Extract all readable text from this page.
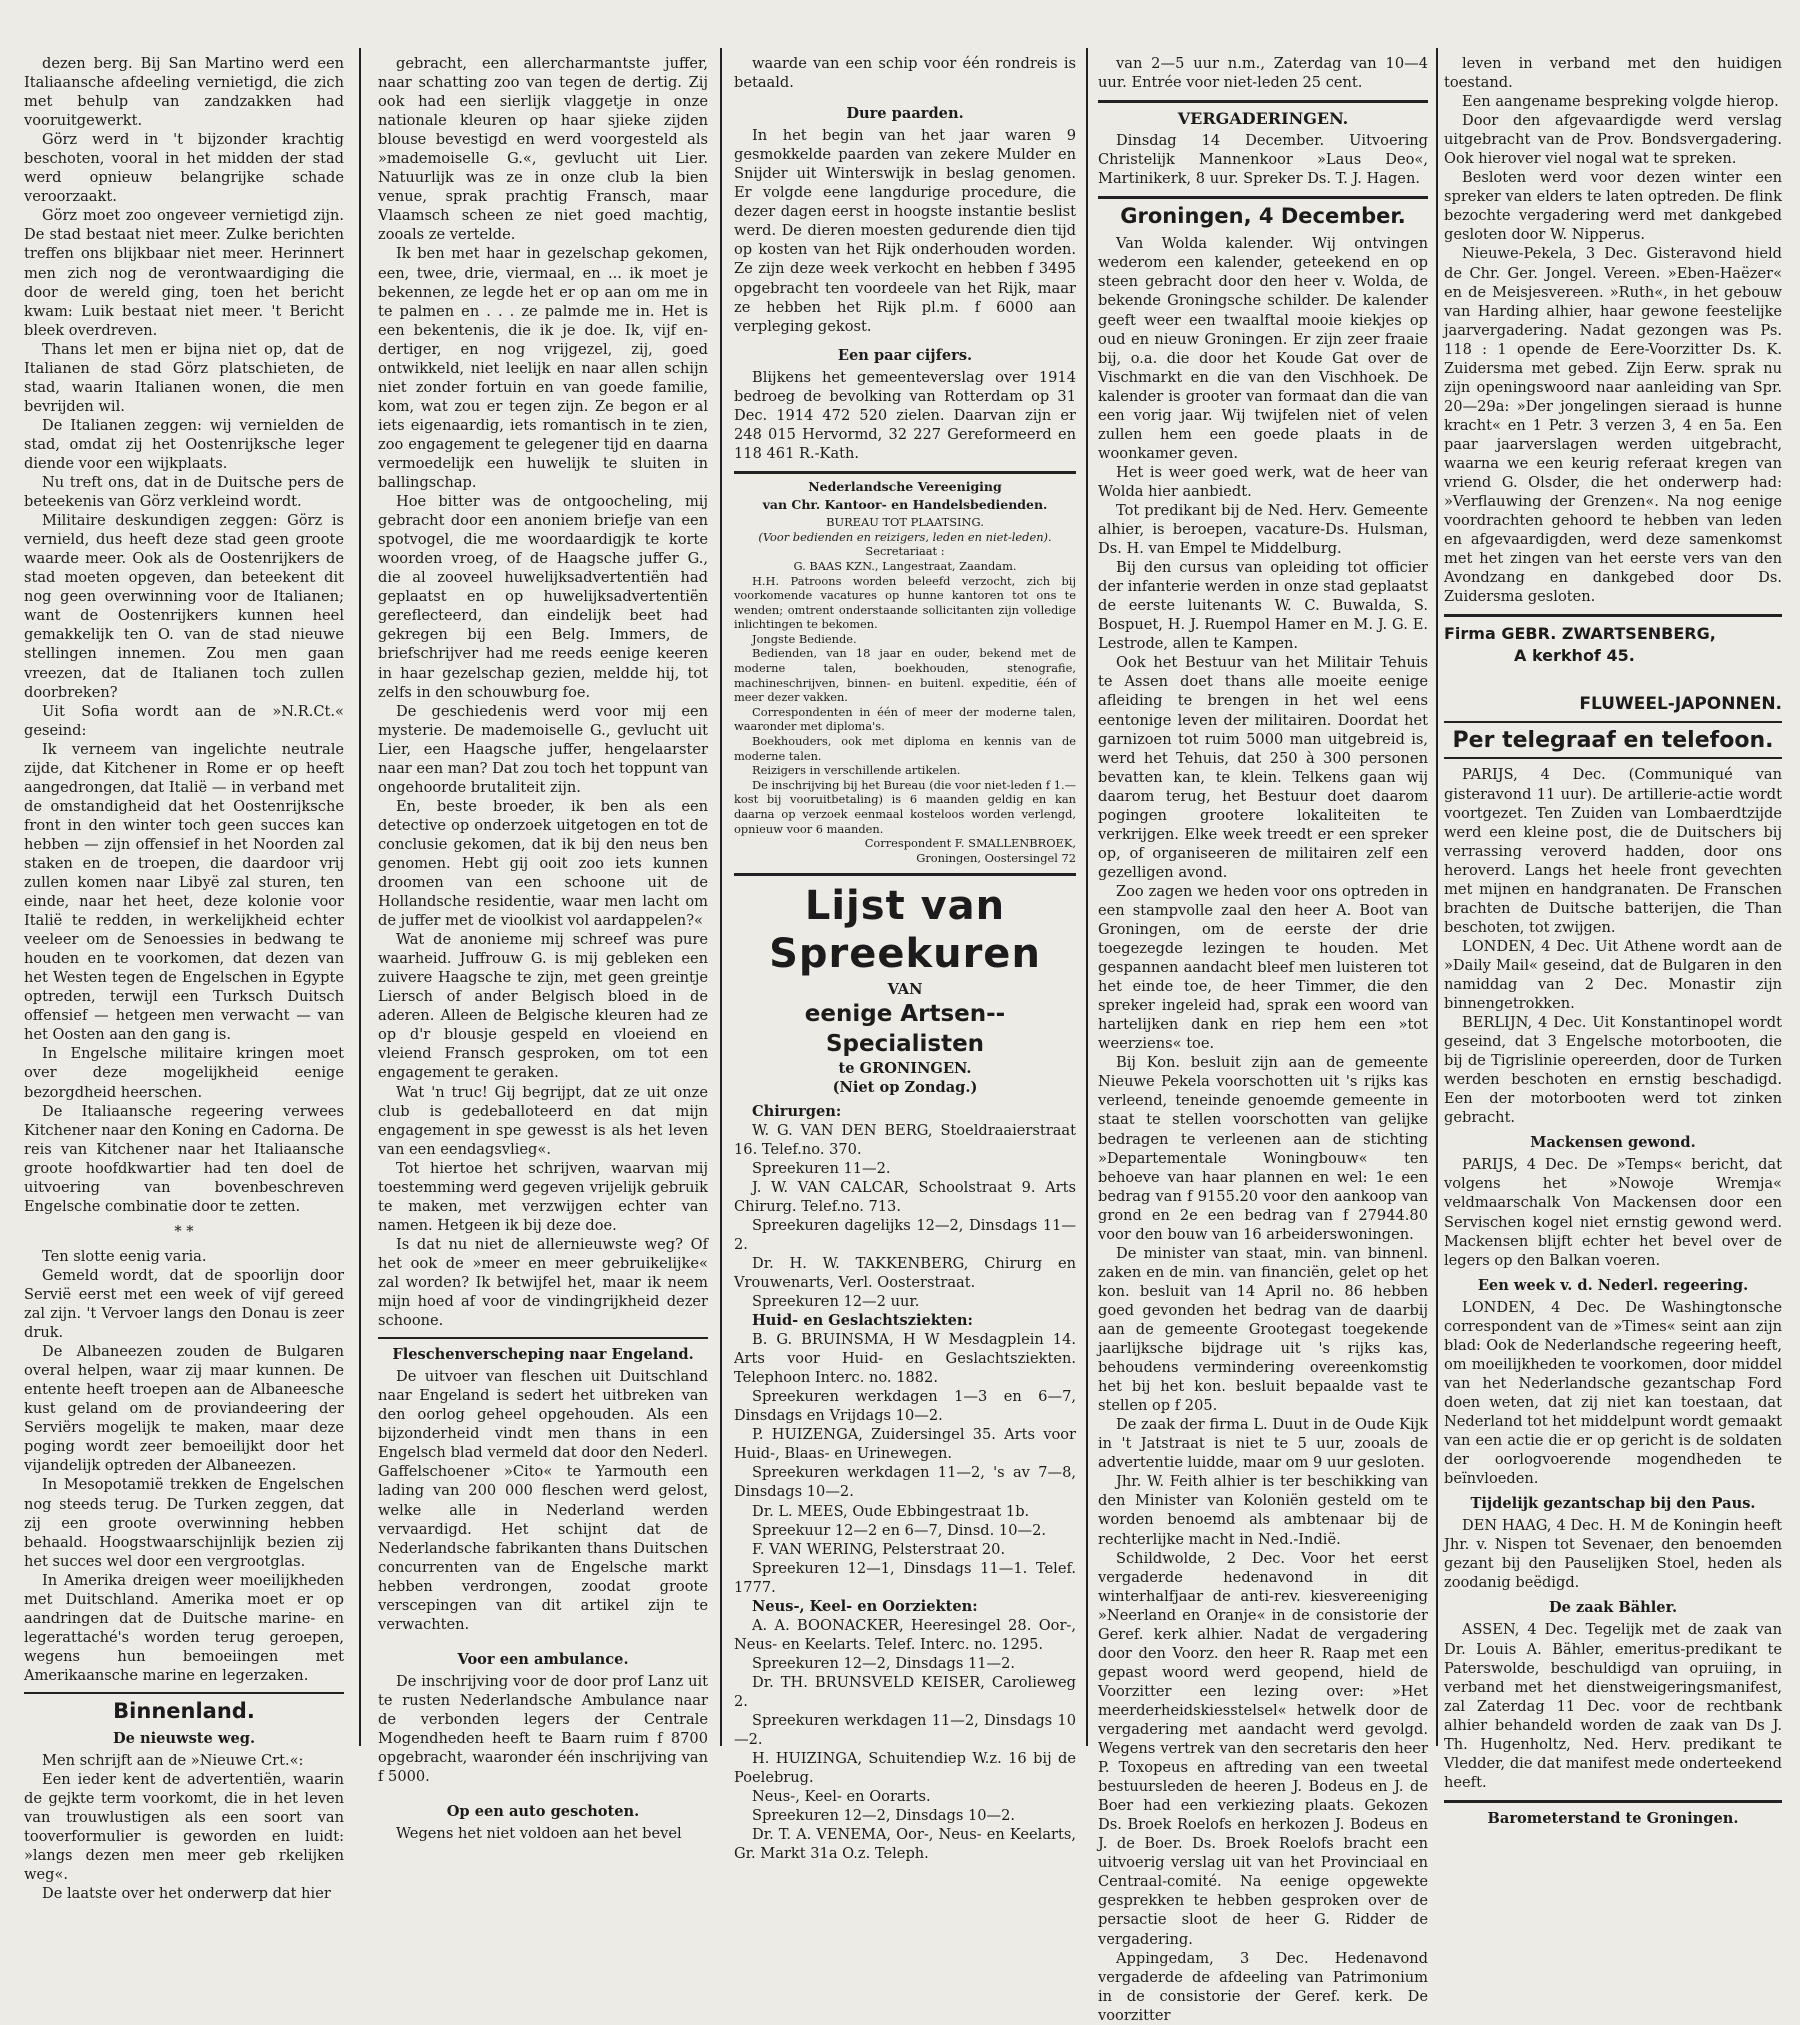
dezen berg. Bij San Martino werd een Italiaansche afdeeling vernietigd, die zich met behulp van zandzakken had vooruitgewerkt.

Görz werd in 't bijzonder krachtig beschoten, vooral in het midden der stad werd opnieuw belangrijke schade veroorzaakt.

Görz moet zoo ongeveer vernietigd zijn. De stad bestaat niet meer. Zulke berichten treffen ons blijkbaar niet meer. Herinnert men zich nog de verontwaardiging die door de wereld ging, toen het bericht kwam: Luik bestaat niet meer. 't Bericht bleek overdreven.

Thans let men er bijna niet op, dat de Italianen de stad Görz platschieten, de stad, waarin Italianen wonen, die men bevrijden wil.

De Italianen zeggen: wij vernielden de stad, omdat zij het Oostenrijksche leger diende voor een wijkplaats.

Nu treft ons, dat in de Duitsche pers de beteekenis van Görz verkleind wordt.

Militaire deskundigen zeggen: Görz is vernield, dus heeft deze stad geen groote waarde meer. Ook als de Oostenrijkers de stad moeten opgeven, dan beteekent dit nog geen overwinning voor de Italianen; want de Oostenrijkers kunnen heel gemakkelijk ten O. van de stad nieuwe stellingen innemen. Zou men gaan vreezen, dat de Italianen toch zullen doorbreken?

Uit Sofia wordt aan de »N.R.Ct.« geseind:

Ik verneem van ingelichte neutrale zijde, dat Kitchener in Rome er op heeft aangedrongen, dat Italië — in verband met de omstandigheid dat het Oostenrijksche front in den winter toch geen succes kan hebben — zijn offensief in het Noorden zal staken en de troepen, die daardoor vrij zullen komen naar Libyë zal sturen, ten einde, naar het heet, deze kolonie voor Italië te redden, in werkelijkheid echter veeleer om de Senoessies in bedwang te houden en te voorkomen, dat dezen van het Westen tegen de Engelschen in Egypte optreden, terwijl een Turksch Duitsch offensief — hetgeen men verwacht — van het Oosten aan den gang is.

In Engelsche militaire kringen moet over deze mogelijkheid eenige bezorgdheid heerschen.

De Italiaansche regeering verwees Kitchener naar den Koning en Cadorna. De reis van Kitchener naar het Italiaansche groote hoofdkwartier had ten doel de uitvoering van bovenbeschreven Engelsche combinatie door te zetten.

* *

Ten slotte eenig varia.

Gemeld wordt, dat de spoorlijn door Servië eerst met een week of vijf gereed zal zijn. 't Vervoer langs den Donau is zeer druk.

De Albaneezen zouden de Bulgaren overal helpen, waar zij maar kunnen. De entente heeft troepen aan de Albaneesche kust geland om de proviandeering der Serviërs mogelijk te maken, maar deze poging wordt zeer bemoeilijkt door het vijandelijk optreden der Albaneezen.

In Mesopotamië trekken de Engelschen nog steeds terug. De Turken zeggen, dat zij een groote overwinning hebben behaald. Hoogstwaarschijnlijk bezien zij het succes wel door een vergrootglas.

In Amerika dreigen weer moeilijkheden met Duitschland. Amerika moet er op aandringen dat de Duitsche marine- en legerattaché's worden terug geroepen, wegens hun bemoeiingen met Amerikaansche marine en legerzaken.

Binnenland.
De nieuwste weg.

Men schrijft aan de »Nieuwe Crt.«:

Een ieder kent de advertentiën, waarin de gejkte term voorkomt, die in het leven van trouwlustigen als een soort van tooverformulier is geworden en luidt: »langs dezen men meer geb rkelijken weg«.

De laatste over het onderwerp dat hier

gebracht, een allercharmantste juffer, naar schatting zoo van tegen de dertig. Zij ook had een sierlijk vlaggetje in onze nationale kleuren op haar sjieke zijden blouse bevestigd en werd voorgesteld als »mademoiselle G.«, gevlucht uit Lier. Natuurlijk was ze in onze club la bien venue, sprak prachtig Fransch, maar Vlaamsch scheen ze niet goed machtig, zooals ze vertelde.

Ik ben met haar in gezelschap gekomen, een, twee, drie, viermaal, en ... ik moet je bekennen, ze legde het er op aan om me in te palmen en . . . ze palmde me in. Het is een bekentenis, die ik je doe. Ik, vijf en-dertiger, en nog vrijgezel, zij, goed ontwikkeld, niet leelijk en naar allen schijn niet zonder fortuin en van goede familie, kom, wat zou er tegen zijn. Ze begon er al iets eigenaardig, iets romantisch in te zien, zoo engagement te gelegener tijd en daarna vermoedelijk een huwelijk te sluiten in ballingschap.

Hoe bitter was de ontgoocheling, mij gebracht door een anoniem briefje van een spotvogel, die me woordaardigjk te korte woorden vroeg, of de Haagsche juffer G., die al zooveel huwelijksadvertentiën had geplaatst en op huwelijksadvertentiën gereflecteerd, dan eindelijk beet had gekregen bij een Belg. Immers, de briefschrijver had me reeds eenige keeren in haar gezelschap gezien, meldde hij, tot zelfs in den schouwburg foe.

De geschiedenis werd voor mij een mysterie. De mademoiselle G., gevlucht uit Lier, een Haagsche juffer, hengelaarster naar een man? Dat zou toch het toppunt van ongehoorde brutaliteit zijn.

En, beste broeder, ik ben als een detective op onderzoek uitgetogen en tot de conclusie gekomen, dat ik bij den neus ben genomen. Hebt gij ooit zoo iets kunnen droomen van een schoone uit de Hollandsche residentie, waar men lacht om de juffer met de vioolkist vol aardappelen?«

Wat de anonieme mij schreef was pure waarheid. Juffrouw G. is mij gebleken een zuivere Haagsche te zijn, met geen greintje Liersch of ander Belgisch bloed in de aderen. Alleen de Belgische kleuren had ze op d'r blousje gespeld en vloeiend en vleiend Fransch gesproken, om tot een engagement te geraken.

Wat 'n truc! Gij begrijpt, dat ze uit onze club is gedeballoteerd en dat mijn engagement in spe gewesst is als het leven van een eendagsvlieg«.

Tot hiertoe het schrijven, waarvan mij toestemming werd gegeven vrijelijk gebruik te maken, met verzwijgen echter van namen. Hetgeen ik bij deze doe.

Is dat nu niet de allernieuwste weg? Of het ook de »meer en meer gebruikelijke« zal worden? Ik betwijfel het, maar ik neem mijn hoed af voor de vindingrijkheid dezer schoone.

Fleschenverscheping naar Engeland.

De uitvoer van fleschen uit Duitschland naar Engeland is sedert het uitbreken van den oorlog geheel opgehouden. Als een bijzonderheid vindt men thans in een Engelsch blad vermeld dat door den Nederl. Gaffelschoener »Cito« te Yarmouth een lading van 200 000 fleschen werd gelost, welke alle in Nederland werden vervaardigd. Het schijnt dat de Nederlandsche fabrikanten thans Duitschen concurrenten van de Engelsche markt hebben verdrongen, zoodat groote verscepingen van dit artikel zijn te verwachten.

Voor een ambulance.

De inschrijving voor de door prof Lanz uit te rusten Nederlandsche Ambulance naar de verbonden legers der Centrale Mogendheden heeft te Baarn ruim f 8700 opgebracht, waaronder één inschrijving van f 5000.

Op een auto geschoten.

Wegens het niet voldoen aan het bevel

waarde van een schip voor één rondreis is betaald.

Dure paarden.

In het begin van het jaar waren 9 gesmokkelde paarden van zekere Mulder en Snijder uit Winterswijk in beslag genomen. Er volgde eene langdurige procedure, die dezer dagen eerst in hoogste instantie beslist werd. De dieren moesten gedurende dien tijd op kosten van het Rijk onderhouden worden. Ze zijn deze week verkocht en hebben f 3495 opgebracht ten voordeele van het Rijk, maar ze hebben het Rijk pl.m. f 6000 aan verpleging gekost.

Een paar cijfers.

Blijkens het gemeenteverslag over 1914 bedroeg de bevolking van Rotterdam op 31 Dec. 1914 472 520 zielen. Daarvan zijn er 248 015 Hervormd, 32 227 Gereformeerd en 118 461 R.-Kath.

Nederlandsche Vereeniging
van Chr. Kantoor- en Handelsbedienden.
BUREAU TOT PLAATSING.
(Voor bedienden en reizigers, leden en niet-leden).
Secretariaat :
G. BAAS KZN., Langestraat, Zaandam.

H.H. Patroons worden beleefd verzocht, zich bij voorkomende vacatures op hunne kantoren tot ons te wenden; omtrent onderstaande sollicitanten zijn volledige inlichtingen te bekomen.

Jongste Bediende.

Bedienden, van 18 jaar en ouder, bekend met de moderne talen, boekhouden, stenografie, machineschrijven, binnen- en buitenl. expeditie, één of meer dezer vakken.

Correspondenten in één of meer der moderne talen, waaronder met diploma's.

Boekhouders, ook met diploma en kennis van de moderne talen.

Reizigers in verschillende artikelen.

De inschrijving bij het Bureau (die voor niet-leden f 1.— kost bij vooruitbetaling) is 6 maanden geldig en kan daarna op verzoek eenmaal kosteloos worden verlengd, opnieuw voor 6 maanden.

Correspondent F. SMALLENBROEK,
Groningen, Oostersingel 72
Lijst van Spreekuren
VAN
eenige Artsen--Specialisten
te GRONINGEN.
(Niet op Zondag.)
Chirurgen:

W. G. VAN DEN BERG, Stoeldraaierstraat 16. Telef.no. 370.

Spreekuren 11—2.

J. W. VAN CALCAR, Schoolstraat 9. Arts Chirurg. Telef.no. 713.

Spreekuren dagelijks 12—2, Dinsdags 11—2.

Dr. H. W. TAKKENBERG, Chirurg en Vrouwenarts, Verl. Oosterstraat.

Spreekuren 12—2 uur.

Huid- en Geslachtsziekten:

B. G. BRUINSMA, H W Mesdagplein 14. Arts voor Huid- en Geslachtsziekten. Telephoon Interc. no. 1882.

Spreekuren werkdagen 1—3 en 6—7, Dinsdags en Vrijdags 10—2.

P. HUIZENGA, Zuidersingel 35. Arts voor Huid-, Blaas- en Urinewegen.

Spreekuren werkdagen 11—2, 's av 7—8, Dinsdags 10—2.

Dr. L. MEES, Oude Ebbingestraat 1b.

Spreekuur 12—2 en 6—7, Dinsd. 10—2.

F. VAN WERING, Pelsterstraat 20.

Spreekuren 12—1, Dinsdags 11—1. Telef. 1777.

Neus-, Keel- en Oorziekten:

A. A. BOONACKER, Heeresingel 28. Oor-, Neus- en Keelarts. Telef. Interc. no. 1295.

Spreekuren 12—2, Dinsdags 11—2.

Dr. TH. BRUNSVELD KEISER, Carolieweg 2.

Spreekuren werkdagen 11—2, Dinsdags 10—2.

H. HUIZINGA, Schuitendiep W.z. 16 bij de Poelebrug.

Neus-, Keel- en Oorarts.

Spreekuren 12—2, Dinsdags 10—2.

Dr. T. A. VENEMA, Oor-, Neus- en Keelarts, Gr. Markt 31a O.z. Teleph.

van 2—5 uur n.m., Zaterdag van 10—4 uur. Entrée voor niet-leden 25 cent.

VERGADERINGEN.

Dinsdag 14 December. Uitvoering Christelijk Mannenkoor »Laus Deo«, Martinikerk, 8 uur. Spreker Ds. T. J. Hagen.

Groningen, 4 December.

Van Wolda kalender. Wij ontvingen wederom een kalender, geteekend en op steen gebracht door den heer v. Wolda, de bekende Groningsche schilder. De kalender geeft weer een twaalftal mooie kiekjes op oud en nieuw Groningen. Er zijn zeer fraaie bij, o.a. die door het Koude Gat over de Vischmarkt en die van den Vischhoek. De kalender is grooter van formaat dan die van een vorig jaar. Wij twijfelen niet of velen zullen hem een goede plaats in de woonkamer geven.

Het is weer goed werk, wat de heer van Wolda hier aanbiedt.

Tot predikant bij de Ned. Herv. Gemeente alhier, is beroepen, vacature-Ds. Hulsman, Ds. H. van Empel te Middelburg.

Bij den cursus van opleiding tot officier der infanterie werden in onze stad geplaatst de eerste luitenants W. C. Buwalda, S. Bospuet, H. J. Ruempol Hamer en M. J. G. E. Lestrode, allen te Kampen.

Ook het Bestuur van het Militair Tehuis te Assen doet thans alle moeite eenige afleiding te brengen in het wel eens eentonige leven der militairen. Doordat het garnizoen tot ruim 5000 man uitgebreid is, werd het Tehuis, dat 250 à 300 personen bevatten kan, te klein. Telkens gaan wij daarom terug, het Bestuur doet daarom pogingen grootere lokaliteiten te verkrijgen. Elke week treedt er een spreker op, of organiseeren de militairen zelf een gezelligen avond.

Zoo zagen we heden voor ons optreden in een stampvolle zaal den heer A. Boot van Groningen, om de eerste der drie toegezegde lezingen te houden. Met gespannen aandacht bleef men luisteren tot het einde toe, de heer Timmer, die den spreker ingeleid had, sprak een woord van hartelijken dank en riep hem een »tot weerziens« toe.

Bij Kon. besluit zijn aan de gemeente Nieuwe Pekela voorschotten uit 's rijks kas verleend, teneinde genoemde gemeente in staat te stellen voorschotten van gelijke bedragen te verleenen aan de stichting »Departementale Woningbouw« ten behoeve van haar plannen en wel: 1e een bedrag van f 9155.20 voor den aankoop van grond en 2e een bedrag van f 27944.80 voor den bouw van 16 arbeiderswoningen.

De minister van staat, min. van binnenl. zaken en de min. van financiën, gelet op het kon. besluit van 14 April no. 86 hebben goed gevonden het bedrag van de daarbij aan de gemeente Grootegast toegekende jaarlijksche bijdrage uit 's rijks kas, behoudens vermindering overeenkomstig het bij het kon. besluit bepaalde vast te stellen op f 205.

De zaak der firma L. Duut in de Oude Kijk in 't Jatstraat is niet te 5 uur, zooals de advertentie luidde, maar om 9 uur gesloten.

Jhr. W. Feith alhier is ter beschikking van den Minister van Koloniën gesteld om te worden benoemd als ambtenaar bij de rechterlijke macht in Ned.-Indië.

Schildwolde, 2 Dec. Voor het eerst vergaderde hedenavond in dit winterhalfjaar de anti-rev. kiesvereeniging »Neerland en Oranje« in de consistorie der Geref. kerk alhier. Nadat de vergadering door den Voorz. den heer R. Raap met een gepast woord werd geopend, hield de Voorzitter een lezing over: »Het meerderheidskiesstelsel« hetwelk door de vergadering met aandacht werd gevolgd. Wegens vertrek van den secretaris den heer P. Toxopeus en aftreding van een tweetal bestuursleden de heeren J. Bodeus en J. de Boer had een verkiezing plaats. Gekozen Ds. Broek Roelofs en herkozen J. Bodeus en J. de Boer. Ds. Broek Roelofs bracht een uitvoerig verslag uit van het Provinciaal en Centraal-comité. Na eenige opgewekte gesprekken te hebben gesproken over de persactie sloot de heer G. Ridder de vergadering.

Appingedam, 3 Dec. Hedenavond vergaderde de afdeeling van Patrimonium in de consistorie der Geref. kerk. De voorzitter

leven in verband met den huidigen toestand.

Een aangename bespreking volgde hierop.

Door den afgevaardigde werd verslag uitgebracht van de Prov. Bondsvergadering. Ook hierover viel nogal wat te spreken.

Besloten werd voor dezen winter een spreker van elders te laten optreden. De flink bezochte vergadering werd met dankgebed gesloten door W. Nipperus.

Nieuwe-Pekela, 3 Dec. Gisteravond hield de Chr. Ger. Jongel. Vereen. »Eben-Haëzer« en de Meisjesvereen. »Ruth«, in het gebouw van Harding alhier, haar gewone feestelijke jaarvergadering. Nadat gezongen was Ps. 118 : 1 opende de Eere-Voorzitter Ds. K. Zuidersma met gebed. Zijn Eerw. sprak nu zijn openingswoord naar aanleiding van Spr. 20—29a: »Der jongelingen sieraad is hunne kracht« en 1 Petr. 3 verzen 3, 4 en 5a. Een paar jaarverslagen werden uitgebracht, waarna we een keurig referaat kregen van vriend G. Olsder, die het onderwerp had: »Verflauwing der Grenzen«. Na nog eenige voordrachten gehoord te hebben van leden en afgevaardigden, werd deze samenkomst met het zingen van het eerste vers van den Avondzang en dankgebed door Ds. Zuidersma gesloten.

Firma GEBR. ZWARTSENBERG,
A kerkhof 45.
FLUWEEL-JAPONNEN.
Per telegraaf en telefoon.

PARIJS, 4 Dec. (Communiqué van gisteravond 11 uur). De artillerie-actie wordt voortgezet. Ten Zuiden van Lombaerdtzijde werd een kleine post, die de Duitschers bij verrassing veroverd hadden, door ons heroverd. Langs het heele front gevechten met mijnen en handgranaten. De Franschen brachten de Duitsche batterijen, die Than beschoten, tot zwijgen.

LONDEN, 4 Dec. Uit Athene wordt aan de »Daily Mail« geseind, dat de Bulgaren in den namiddag van 2 Dec. Monastir zijn binnengetrokken.

BERLIJN, 4 Dec. Uit Konstantinopel wordt geseind, dat 3 Engelsche motorbooten, die bij de Tigrislinie opereerden, door de Turken werden beschoten en ernstig beschadigd. Een der motorbooten werd tot zinken gebracht.

Mackensen gewond.

PARIJS, 4 Dec. De »Temps« bericht, dat volgens het »Nowoje Wremja« veldmaarschalk Von Mackensen door een Servischen kogel niet ernstig gewond werd. Mackensen blijft echter het bevel over de legers op den Balkan voeren.

Een week v. d. Nederl. regeering.

LONDEN, 4 Dec. De Washingtonsche correspondent van de »Times« seint aan zijn blad: Ook de Nederlandsche regeering heeft, om moeilijkheden te voorkomen, door middel van het Nederlandsche gezantschap Ford doen weten, dat zij niet kan toestaan, dat Nederland tot het middelpunt wordt gemaakt van een actie die er op gericht is de soldaten der oorlogvoerende mogendheden te beïnvloeden.

Tijdelijk gezantschap bij den Paus.

DEN HAAG, 4 Dec. H. M de Koningin heeft Jhr. v. Nispen tot Sevenaer, den benoemden gezant bij den Pauselijken Stoel, heden als zoodanig beëdigd.

De zaak Bähler.

ASSEN, 4 Dec. Tegelijk met de zaak van Dr. Louis A. Bähler, emeritus-predikant te Paterswolde, beschuldigd van opruiing, in verband met het dienstweigeringsmanifest, zal Zaterdag 11 Dec. voor de rechtbank alhier behandeld worden de zaak van Ds J. Th. Hugenholtz, Ned. Herv. predikant te Vledder, die dat manifest mede onderteekend heeft.

Barometerstand te Groningen.
